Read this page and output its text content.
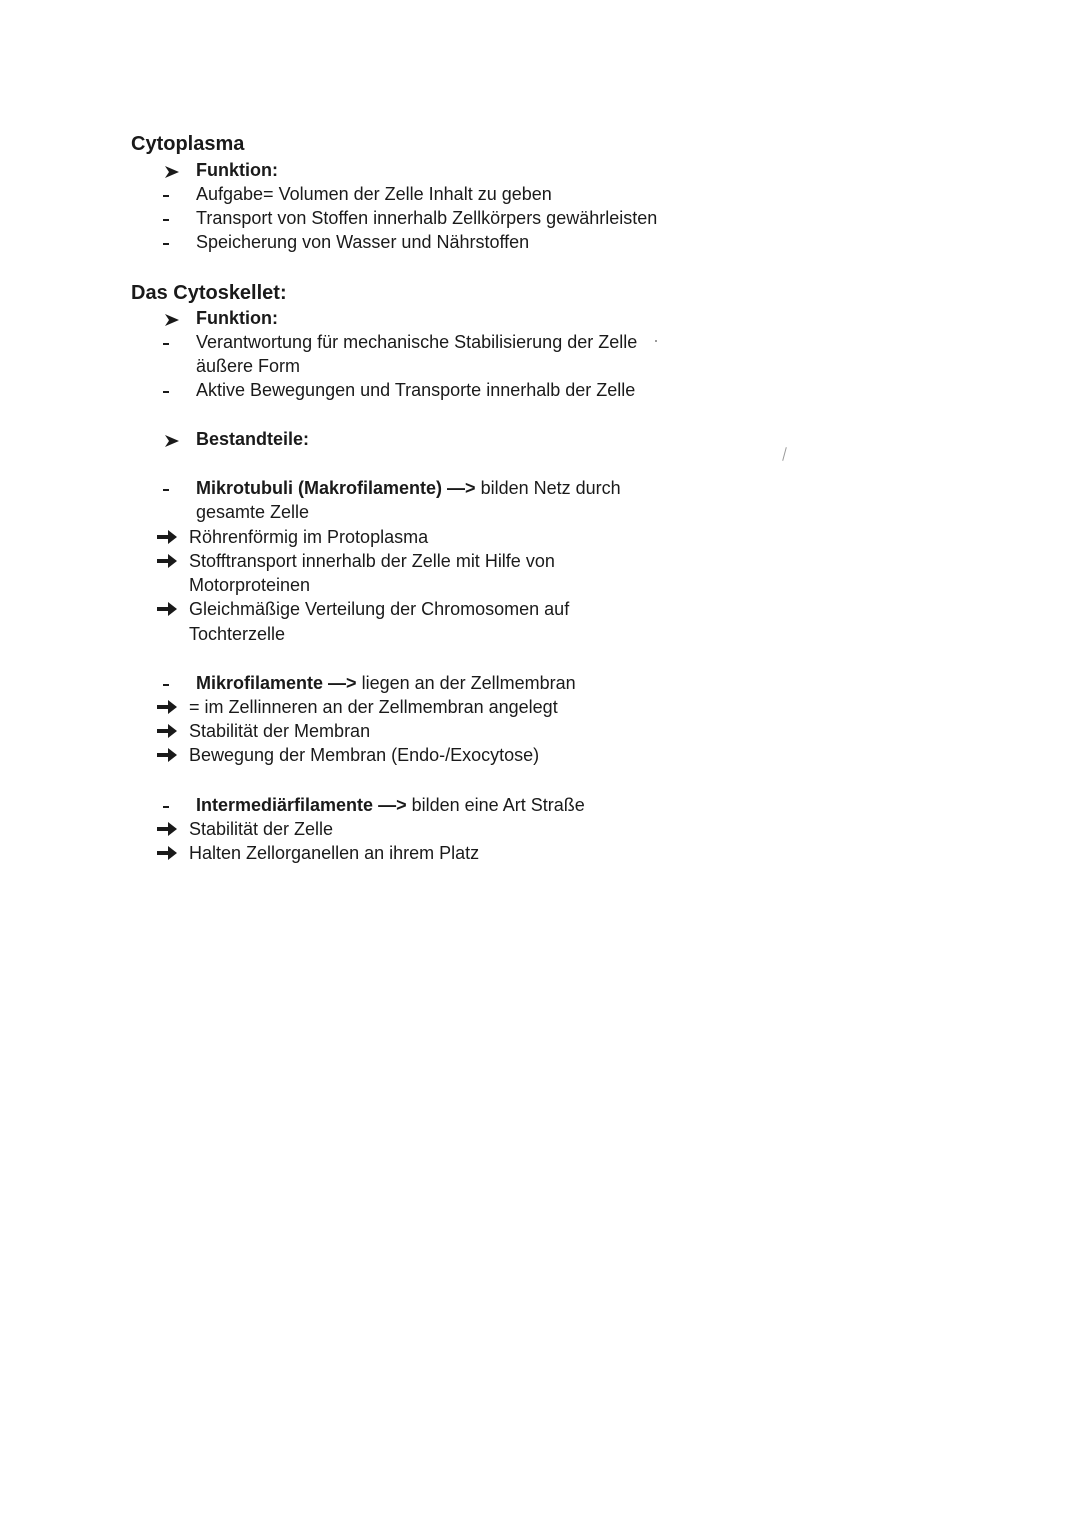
Cytoplasma
Funktion:
Aufgabe= Volumen der Zelle Inhalt zu geben
Transport von Stoffen innerhalb Zellkörpers gewährleisten
Speicherung von Wasser und Nährstoffen
Das Cytoskellet:
Funktion:
Verantwortung für mechanische Stabilisierung der Zelle
äußere Form
Aktive Bewegungen und Transporte innerhalb der Zelle
Bestandteile:
Mikrotubuli (Makrofilamente) —> bilden Netz durch
gesamte Zelle
Röhrenförmig im Protoplasma
Stofftransport innerhalb der Zelle mit Hilfe von
Motorproteinen
Gleichmäßige Verteilung der Chromosomen auf
Tochterzelle
Mikrofilamente —> liegen an der Zellmembran
= im Zellinneren an der Zellmembran angelegt
Stabilität der Membran
Bewegung der Membran (Endo-/Exocytose)
Intermediärfilamente —> bilden eine Art Straße
Stabilität der Zelle
Halten Zellorganellen an ihrem Platz
